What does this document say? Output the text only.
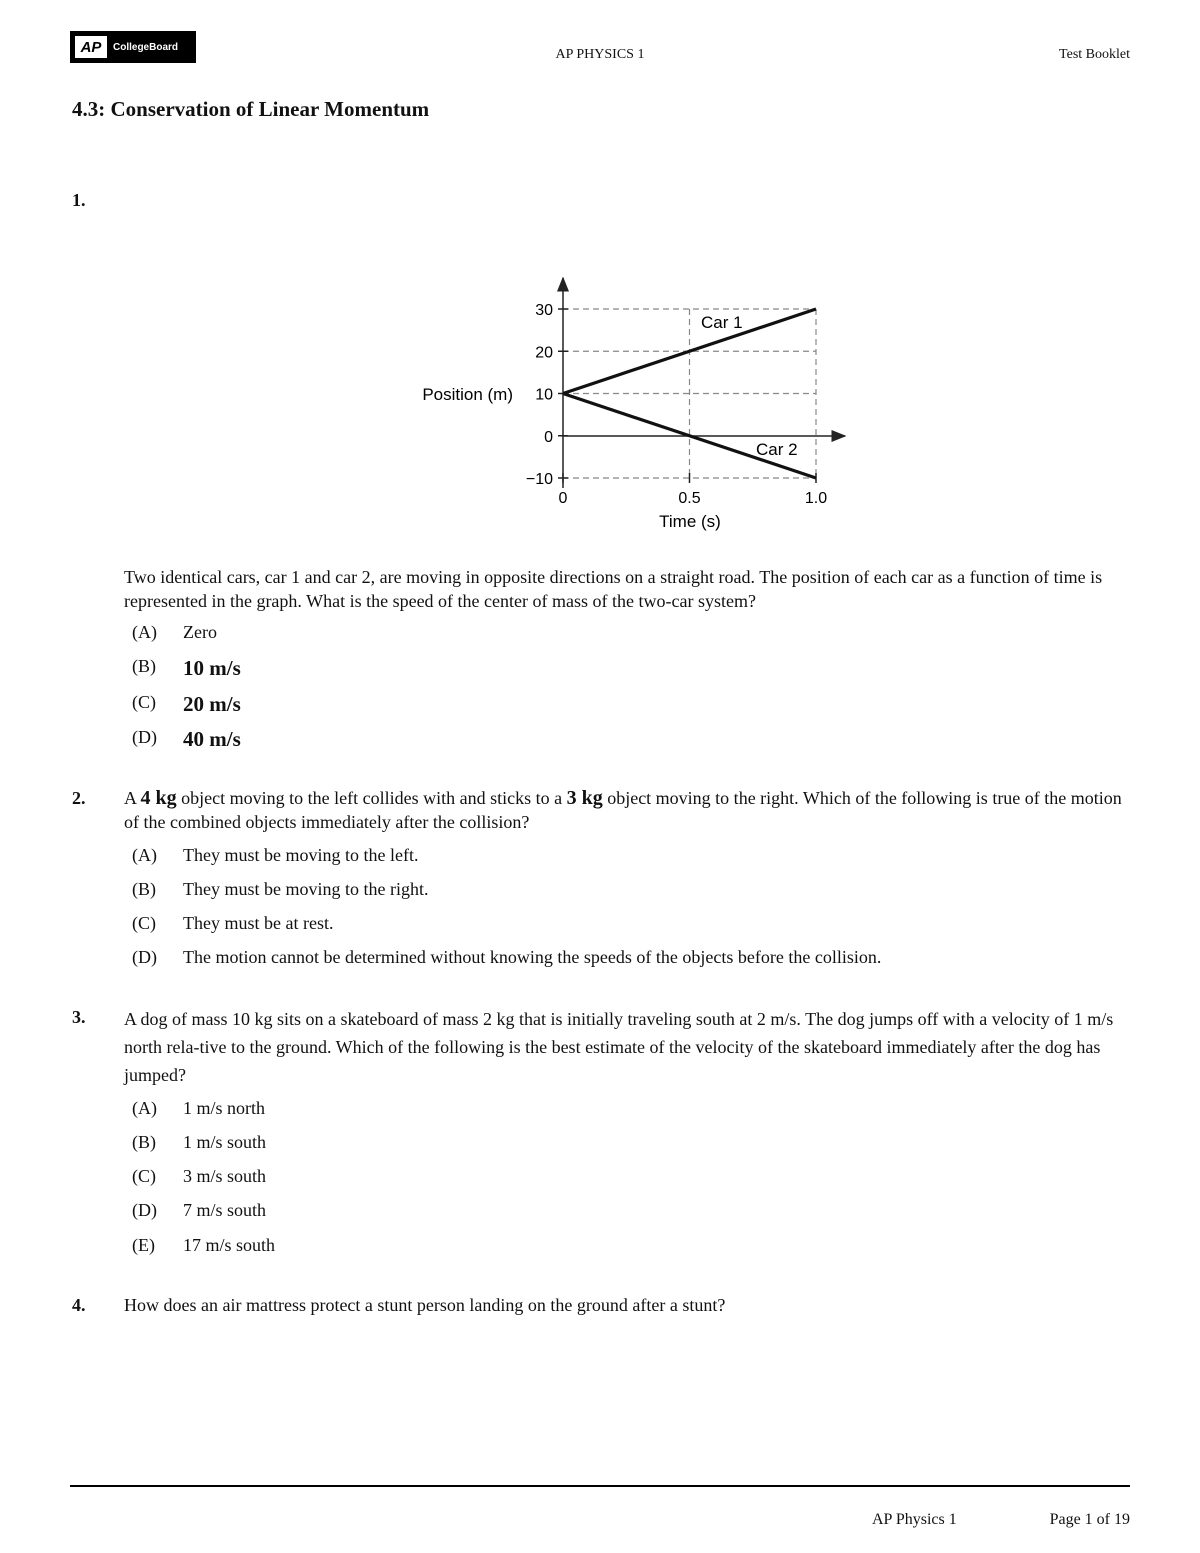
AP	CollegeBoard	AP PHYSICS 1	Test Booklet
4.3: Conservation of Linear Momentum
1.
30
20
10
0
−10
0	0.5	1.0
Position (m)
Time (s)
Car 1
Car 2
Two identical cars, car 1 and car 2, are moving in opposite directions on a straight road. The position of each car as a function of time is represented in the graph. What is the speed of the center of mass of the two-car system?
(A)	Zero
(B)	10 m/s
(C)	20 m/s
(D)	40 m/s
2. A 4 kg object moving to the left collides with and sticks to a 3 kg object moving to the right. Which of the following is true of the motion of the combined objects immediately after the collision?
(A)	They must be moving to the left.
(B)	They must be moving to the right.
(C)	They must be at rest.
(D)	The motion cannot be determined without knowing the speeds of the objects before the collision.
3. A dog of mass 10 kg sits on a skateboard of mass 2 kg that is initially traveling south at 2 m/s. The dog jumps off with a velocity of 1 m/s north rela-tive to the ground. Which of the following is the best estimate of the velocity of the skateboard immediately after the dog has jumped?
(A)	1 m/s north
(B)	1 m/s south
(C)	3 m/s south
(D)	7 m/s south
(E)	17 m/s south
4. How does an air mattress protect a stunt person landing on the ground after a stunt?
AP Physics 1	Page 1 of 19
